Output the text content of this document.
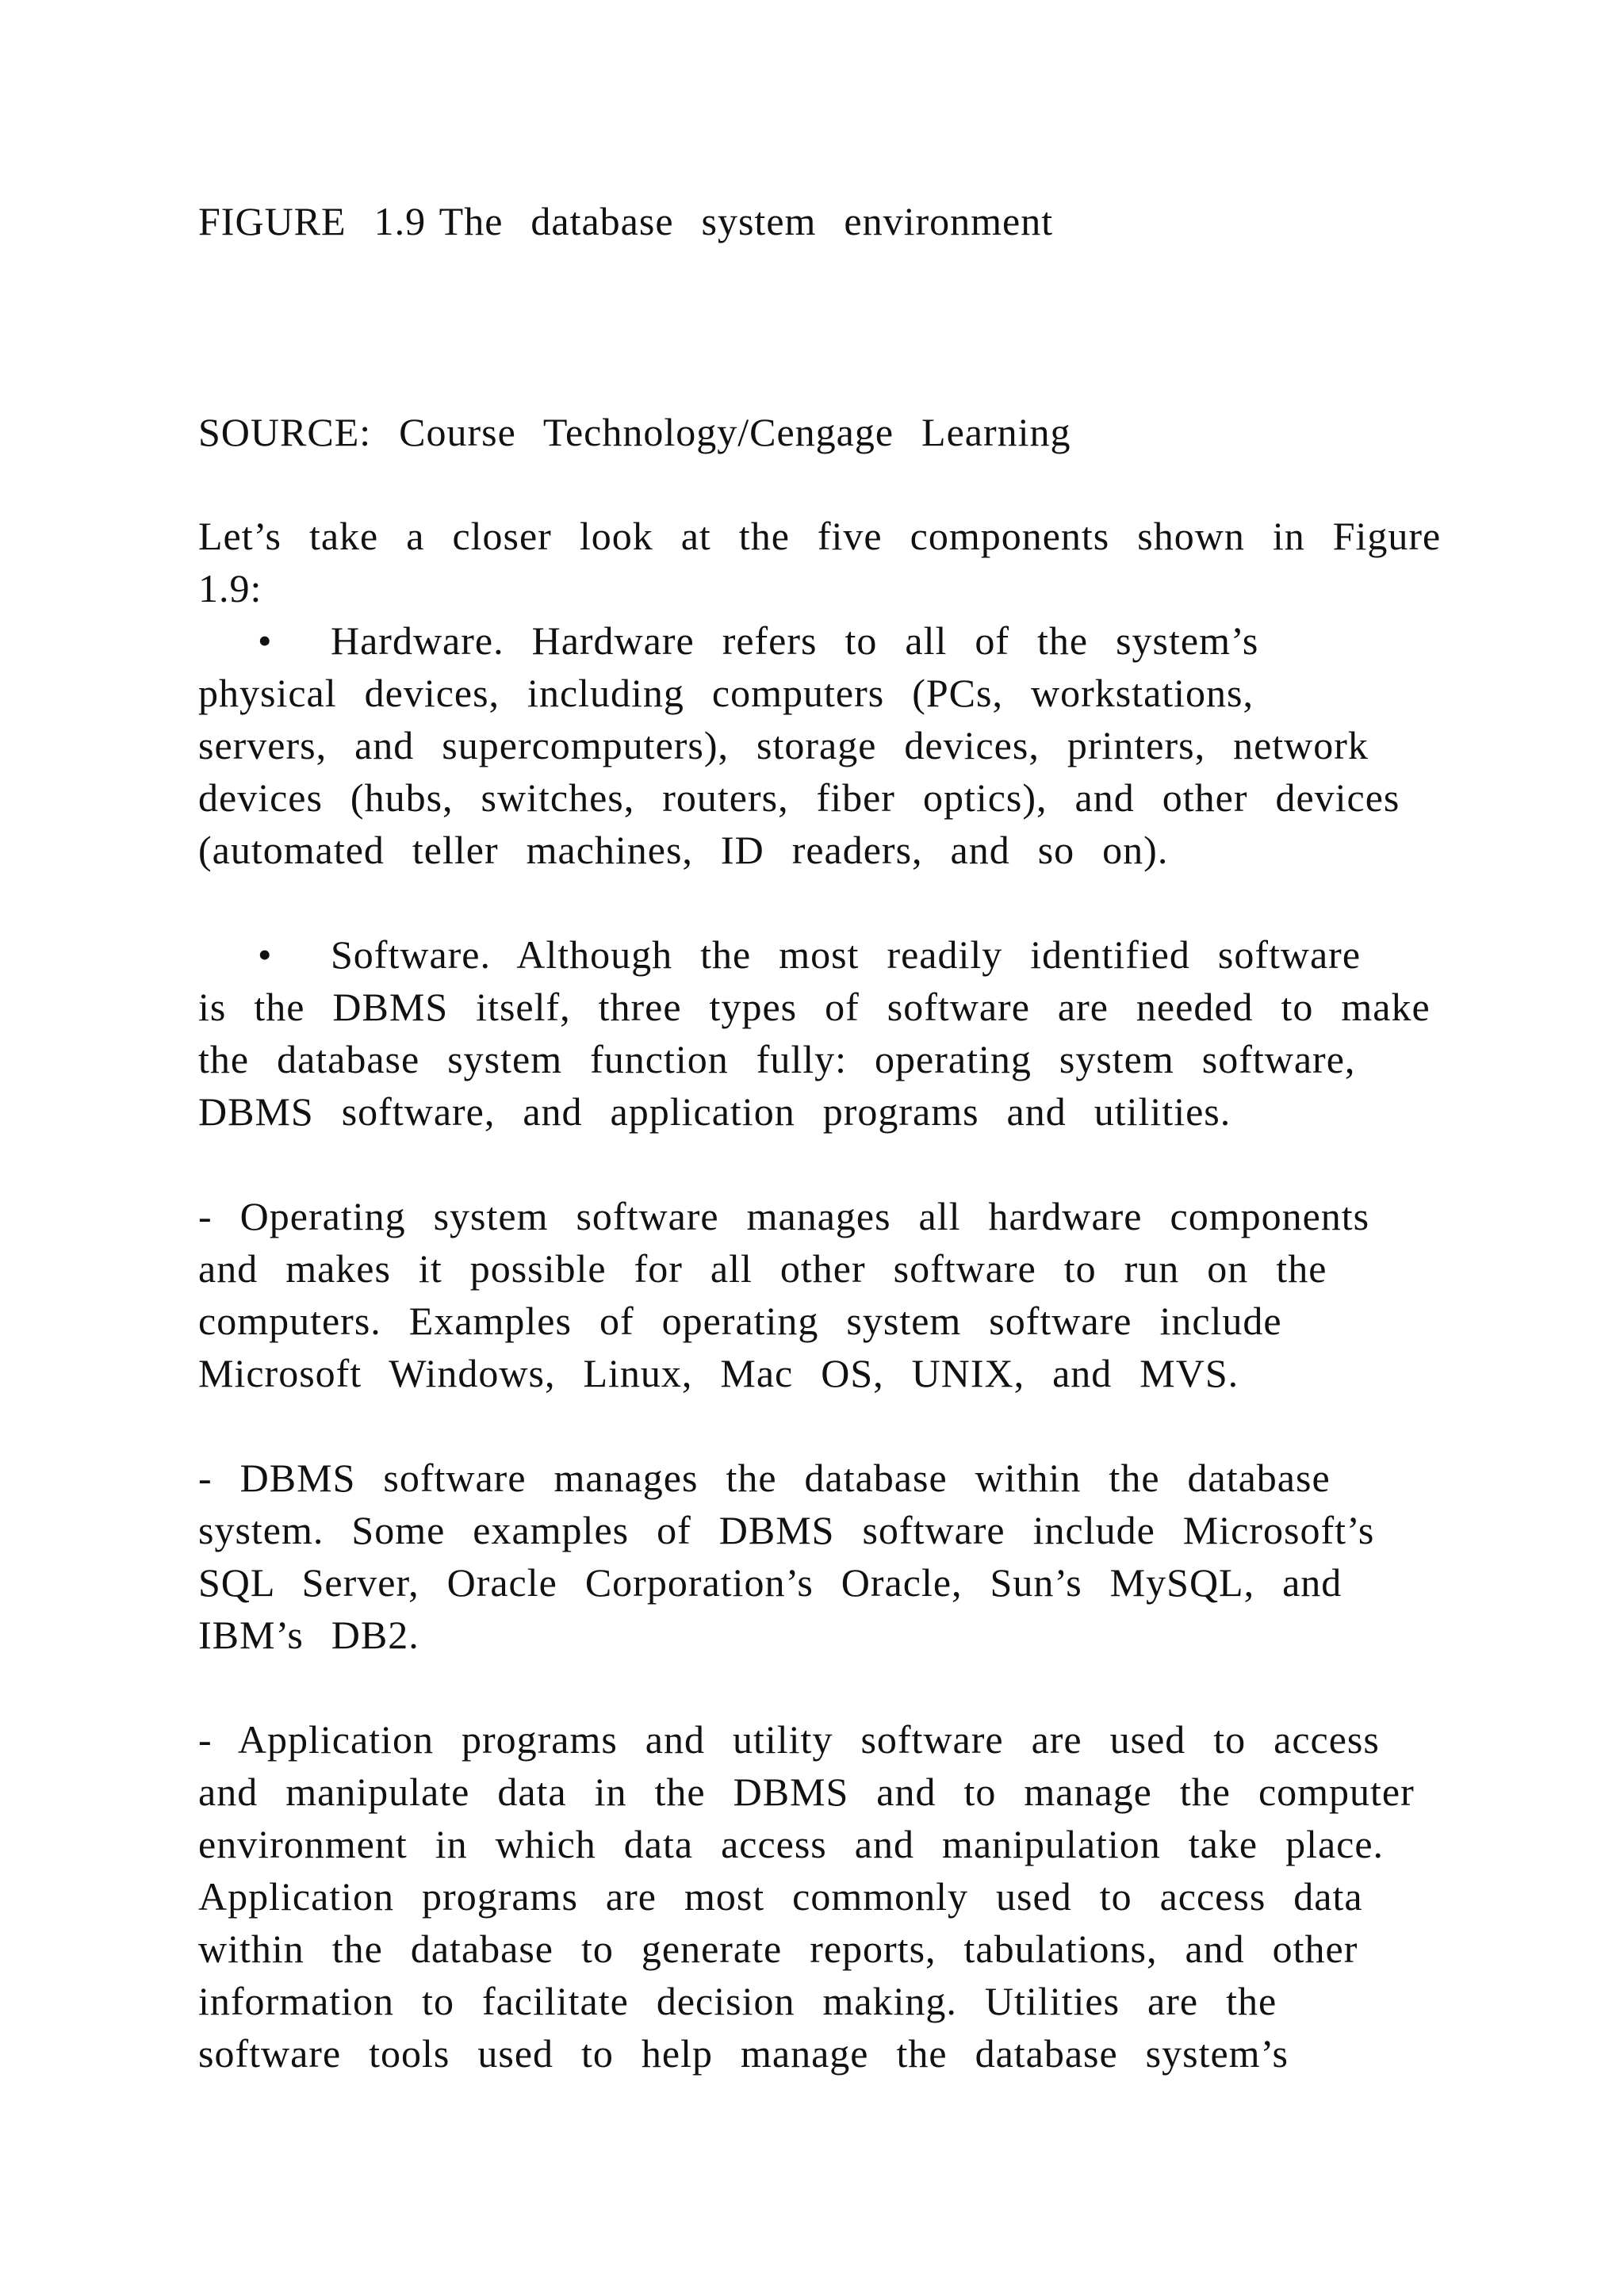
FIGURE  1.9 The  database  system  environment
SOURCE:  Course  Technology/Cengage  Learning
Let’s  take  a  closer  look  at  the  five  components  shown  in  Figure
1.9:
• Hardware.  Hardware  refers  to  all  of  the  system’s
physical  devices,  including  computers  (PCs,  workstations,
servers,  and  supercomputers),  storage  devices,  printers,  network
devices  (hubs,  switches,  routers,  fiber  optics),  and  other  devices
(automated  teller  machines,  ID  readers,  and  so  on).
• Software.  Although  the  most  readily  identified  software
is  the  DBMS  itself,  three  types  of  software  are  needed  to  make
the  database  system  function  fully:  operating  system  software,
DBMS  software,  and  application  programs  and  utilities.
-  Operating  system  software  manages  all  hardware  components
and  makes  it  possible  for  all  other  software  to  run  on  the
computers.  Examples  of  operating  system  software  include
Microsoft  Windows,  Linux,  Mac  OS,  UNIX,  and  MVS.
-  DBMS  software  manages  the  database  within  the  database
system.  Some  examples  of  DBMS  software  include  Microsoft’s
SQL  Server,  Oracle  Corporation’s  Oracle,  Sun’s  MySQL,  and
IBM’s  DB2.
-  Application  programs  and  utility  software  are  used  to  access
and  manipulate  data  in  the  DBMS  and  to  manage  the  computer
environment  in  which  data  access  and  manipulation  take  place.
Application  programs  are  most  commonly  used  to  access  data
within  the  database  to  generate  reports,  tabulations,  and  other
information  to  facilitate  decision  making.  Utilities  are  the
software  tools  used  to  help  manage  the  database  system’s
